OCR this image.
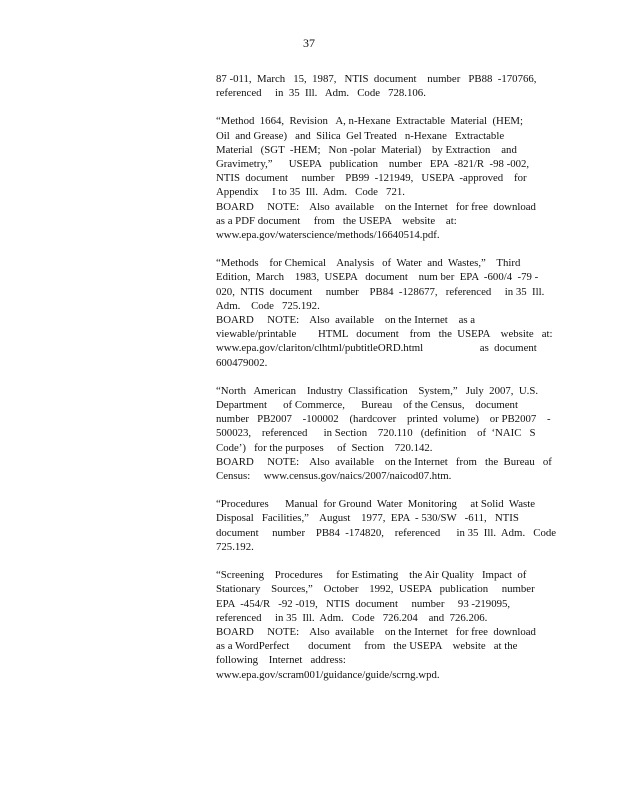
37
87 -011,  March   15,  1987,   NTIS  document    number   PB88  -170766,
referenced     in  35  Ill.   Adm.   Code   728.106.
“Method  1664,  Revision   A, n-Hexane  Extractable  Material  (HEM;
Oil  and Grease)   and  Silica  Gel Treated   n-Hexane   Extractable
Material   (SGT  -HEM;   Non -polar  Material)    by Extraction    and
Gravimetry,”      USEPA   publication    number   EPA  -821/R  -98 -002,
NTIS  document     number    PB99  -121949,   USEPA  -approved    for
Appendix     I to 35  Ill.  Adm.   Code   721.
BOARD     NOTE:    Also  available    on the Internet   for free  download
as a PDF document     from   the USEPA    website    at:
www.epa.gov/waterscience/methods/16640514.pdf.
“Methods    for Chemical    Analysis   of  Water  and  Wastes,”    Third
Edition,  March    1983,  USEPA   document    num ber  EPA  -600/4  -79 -
020,  NTIS  document     number    PB84  -128677,   referenced     in 35  Ill.
Adm.    Code   725.192.
BOARD     NOTE:    Also  available    on the Internet    as a
viewable/printable        HTML   document    from   the  USEPA    website   at:
www.epa.gov/clariton/clhtml/pubtitleORD.html                     as  document
600479002.
“North   American    Industry  Classification    System,”   July  2007,  U.S.
Department      of Commerce,      Bureau    of the Census,    document
number   PB2007    -100002    (hardcover    printed  volume)    or PB2007    -
500023,    referenced      in Section    720.110   (definition    of  ‘NAIC   S
Code’)   for the purposes     of  Section    720.142.
BOARD     NOTE:    Also  available    on the Internet   from   the  Bureau   of
Census:     www.census.gov/naics/2007/naicod07.htm.
“Procedures      Manual  for Ground  Water  Monitoring     at Solid  Waste
Disposal   Facilities,”    August    1977,  EPA  - 530/SW   -611,   NTIS
document     number    PB84  -174820,    referenced      in 35  Ill.  Adm.   Code
725.192.
“Screening    Procedures     for Estimating    the Air Quality   Impact  of
Stationary    Sources,”    October    1992,  USEPA   publication     number
EPA  -454/R   -92 -019,   NTIS  document     number     93 -219095,
referenced     in 35  Ill.  Adm.   Code   726.204    and  726.206.
BOARD     NOTE:    Also  available    on the Internet   for free  download
as a WordPerfect       document     from   the USEPA    website   at the
following    Internet   address:
www.epa.gov/scram001/guidance/guide/scrng.wpd.
